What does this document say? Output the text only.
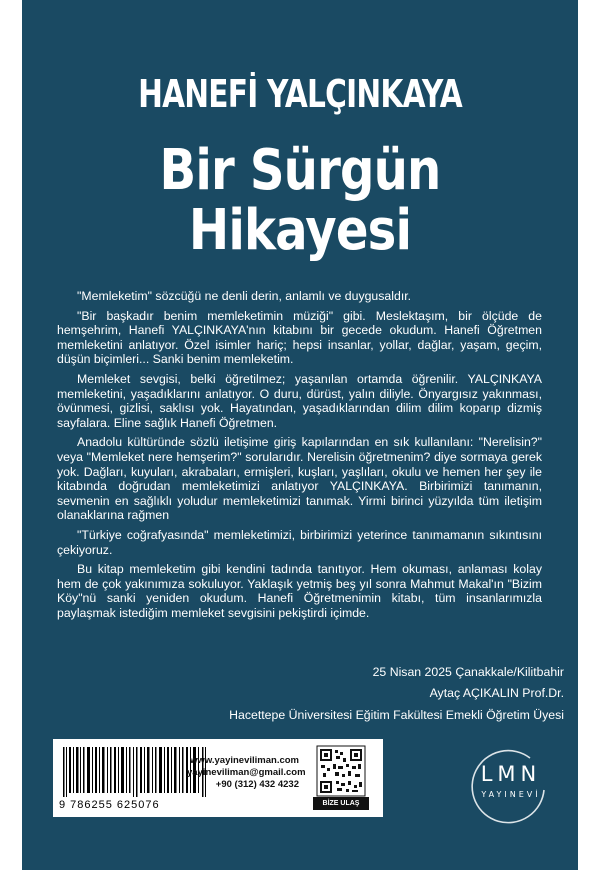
HANEFİ YALÇINKAYA
Bir Sürgün
Hikayesi

"Memleketim" sözcüğü ne denli derin, anlamlı ve duygusaldır.

"Bir başkadır benim memleketimin müziği" gibi. Meslektaşım, bir ölçüde de hemşehrim, Hanefi YALÇINKAYA'nın kitabını bir gecede okudum. Hanefi Öğretmen memleketini anlatıyor. Özel isimler hariç; hepsi insanlar, yollar, dağlar, yaşam, geçim, düşün biçimleri... Sanki benim memleketim.

Memleket sevgisi, belki öğretilmez; yaşanılan ortamda öğrenilir. YALÇINKAYA memleketini, yaşadıklarını anlatıyor. O duru, dürüst, yalın diliyle. Önyargısız yakınması, övünmesi, gizlisi, saklısı yok. Hayatından, yaşadıklarından dilim dilim koparıp dizmiş sayfalara. Eline sağlık Hanefi Öğretmen.

Anadolu kültüründe sözlü iletişime giriş kapılarından en sık kullanılanı: "Nerelisin?" veya "Memleket nere hemşerim?" sorularıdır. Nerelisin öğretmenim? diye sormaya gerek yok. Dağları, kuyuları, akrabaları, ermişleri, kuşları, yaşlıları, okulu ve hemen her şey ile kitabında doğrudan memleketimizi anlatıyor YALÇINKAYA. Birbirimizi tanımanın, sevmenin en sağlıklı yoludur memleketimizi tanımak. Yirmi birinci yüzyılda tüm iletişim olanaklarına rağmen

"Türkiye coğrafyasında" memleketimizi, birbirimizi yeterince tanımamanın sıkıntısını çekiyoruz.

Bu kitap memleketim gibi kendini tadında tanıtıyor. Hem okuması, anlaması kolay hem de çok yakınımıza sokuluyor. Yaklaşık yetmiş beş yıl sonra Mahmut Makal'ın "Bizim Köy"nü sanki yeniden okudum. Hanefi Öğretmenimin kitabı, tüm insanlarımızla paylaşmak istediğim memleket sevgisini pekiştirdi içimde.

25 Nisan 2025 Çanakkale/Kilitbahir
Aytaç AÇIKALIN Prof.Dr.
Hacettepe Üniversitesi Eğitim Fakültesi Emekli Öğretim Üyesi
9 786255 625076
www.yayineviliman.com
yayineviliman@gmail.com
+90 (312) 432 4232
BİZE ULAŞ
LMN
YAYINEVİ
